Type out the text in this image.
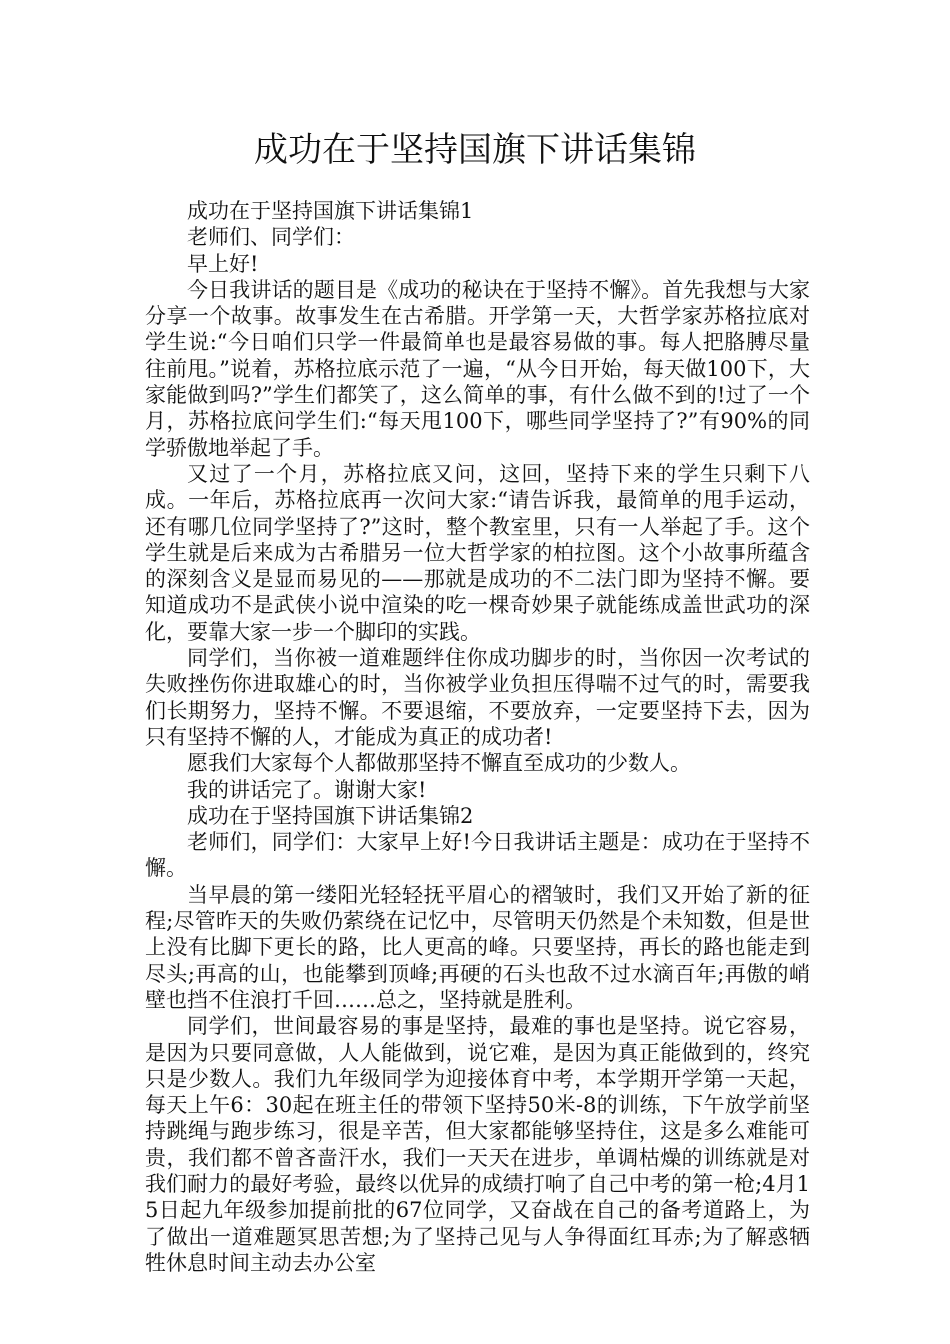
成功在于坚持国旗下讲话集锦

成功在于坚持国旗下讲话集锦1

老师们、同学们：

早上好!

今日我讲话的题目是《成功的秘诀在于坚持不懈》。首先我想与大家分享一个故事。故事发生在古希腊。开学第一天，大哲学家苏格拉底对学生说:“今日咱们只学一件最简单也是最容易做的事。每人把胳膊尽量往前甩。”说着，苏格拉底示范了一遍，“从今日开始，每天做100下，大家能做到吗?”学生们都笑了，这么简单的事，有什么做不到的!过了一个月，苏格拉底问学生们:“每天甩100下，哪些同学坚持了?”有90%的同学骄傲地举起了手。

又过了一个月，苏格拉底又问，这回，坚持下来的学生只剩下八成。一年后，苏格拉底再一次问大家:“请告诉我，最简单的甩手运动，还有哪几位同学坚持了?”这时，整个教室里，只有一人举起了手。这个学生就是后来成为古希腊另一位大哲学家的柏拉图。这个小故事所蕴含的深刻含义是显而易见的——那就是成功的不二法门即为坚持不懈。要知道成功不是武侠小说中渲染的吃一棵奇妙果子就能练成盖世武功的深化，要靠大家一步一个脚印的实践。

同学们，当你被一道难题绊住你成功脚步的时，当你因一次考试的失败挫伤你进取雄心的时，当你被学业负担压得喘不过气的时，需要我们长期努力，坚持不懈。不要退缩，不要放弃，一定要坚持下去，因为只有坚持不懈的人，才能成为真正的成功者!

愿我们大家每个人都做那坚持不懈直至成功的少数人。

我的讲话完了。谢谢大家!

成功在于坚持国旗下讲话集锦2

老师们，同学们：大家早上好!今日我讲话主题是：成功在于坚持不懈。

当早晨的第一缕阳光轻轻抚平眉心的褶皱时，我们又开始了新的征程;尽管昨天的失败仍萦绕在记忆中，尽管明天仍然是个未知数，但是世上没有比脚下更长的路，比人更高的峰。只要坚持，再长的路也能走到尽头;再高的山，也能攀到顶峰;再硬的石头也敌不过水滴百年;再傲的峭壁也挡不住浪打千回……总之，坚持就是胜利。

同学们，世间最容易的事是坚持，最难的事也是坚持。说它容易，是因为只要同意做，人人能做到，说它难，是因为真正能做到的，终究只是少数人。我们九年级同学为迎接体育中考，本学期开学第一天起，每天上午6：30起在班主任的带领下坚持50米-8的训练，下午放学前坚持跳绳与跑步练习，很是辛苦，但大家都能够坚持住，这是多么难能可贵，我们都不曾吝啬汗水，我们一天天在进步，单调枯燥的训练就是对我们耐力的最好考验，最终以优异的成绩打响了自己中考的第一枪;4月15日起九年级参加提前批的67位同学，又奋战在自己的备考道路上，为了做出一道难题冥思苦想;为了坚持己见与人争得面红耳赤;为了解惑牺牲休息时间主动去办公室
